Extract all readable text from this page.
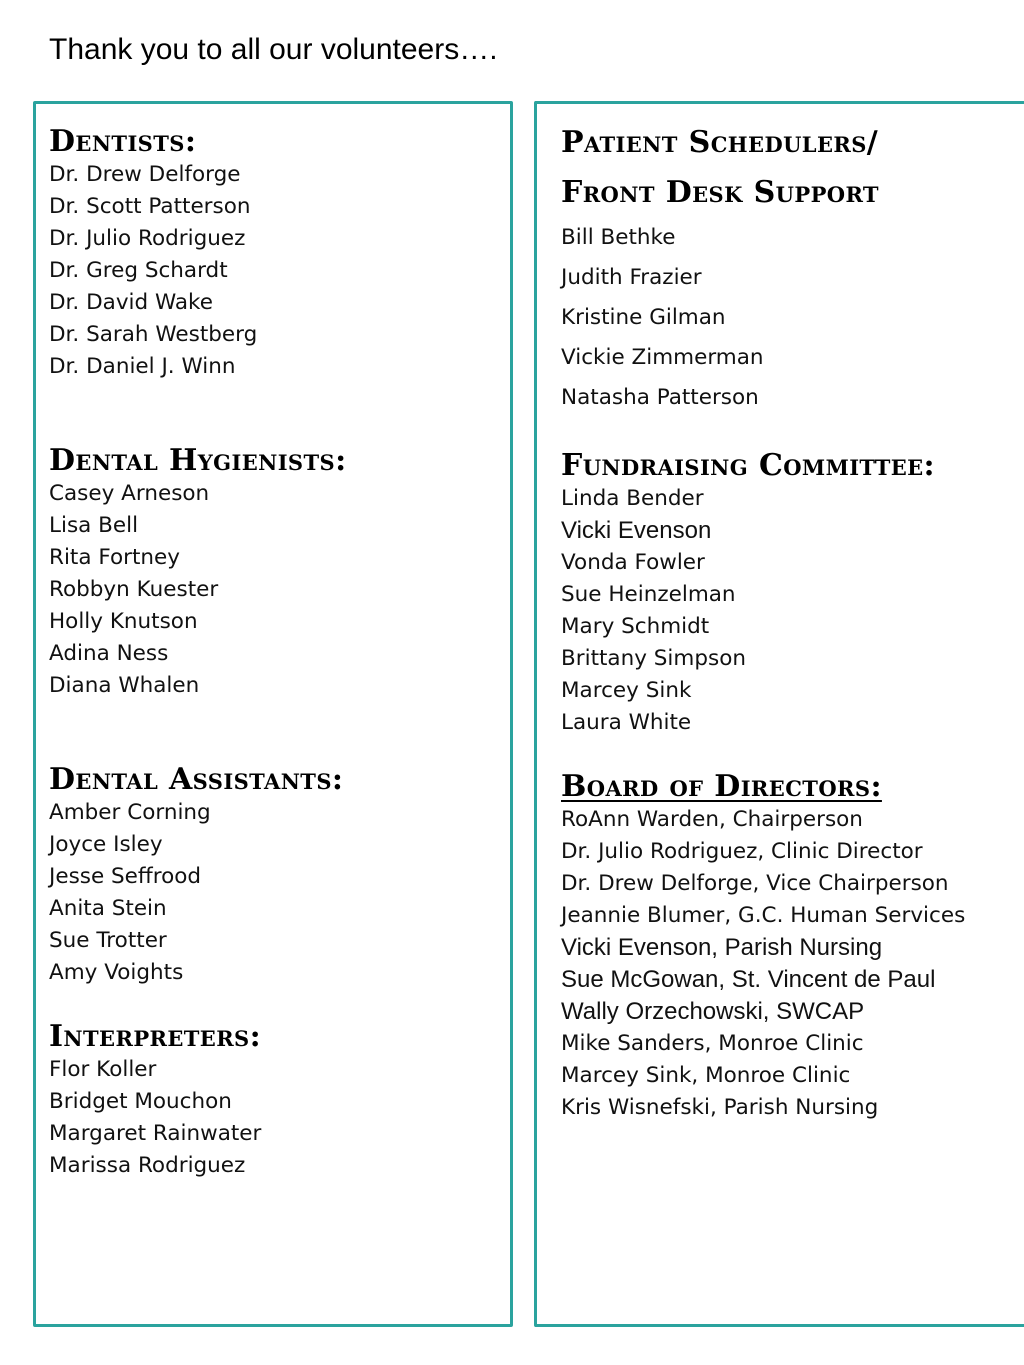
Thank you to all our volunteers….
Dentists:
Dr. Drew Delforge
Dr. Scott Patterson
Dr. Julio Rodriguez
Dr. Greg Schardt
Dr. David Wake
Dr. Sarah Westberg
Dr. Daniel J. Winn
Dental Hygienists:
Casey Arneson
Lisa Bell
Rita Fortney
Robbyn Kuester
Holly Knutson
Adina Ness
Diana Whalen
Dental Assistants:
Amber Corning
Joyce Isley
Jesse Seffrood
Anita Stein
Sue Trotter
Amy Voights
Interpreters:
Flor Koller
Bridget Mouchon
Margaret Rainwater
Marissa Rodriguez
Patient Schedulers/
Front Desk Support
Bill Bethke
Judith Frazier
Kristine Gilman
Vickie Zimmerman
Natasha Patterson
Fundraising Committee:
Linda Bender
Vicki Evenson
Vonda Fowler
Sue Heinzelman
Mary Schmidt
Brittany Simpson
Marcey Sink
Laura White
Board of Directors:
RoAnn Warden, Chairperson
Dr. Julio Rodriguez, Clinic Director
Dr. Drew Delforge, Vice Chairperson
Jeannie Blumer, G.C. Human Services
Vicki Evenson, Parish Nursing
Sue McGowan, St. Vincent de Paul
Wally Orzechowski, SWCAP
Mike Sanders, Monroe Clinic
Marcey Sink, Monroe Clinic
Kris Wisnefski, Parish Nursing
